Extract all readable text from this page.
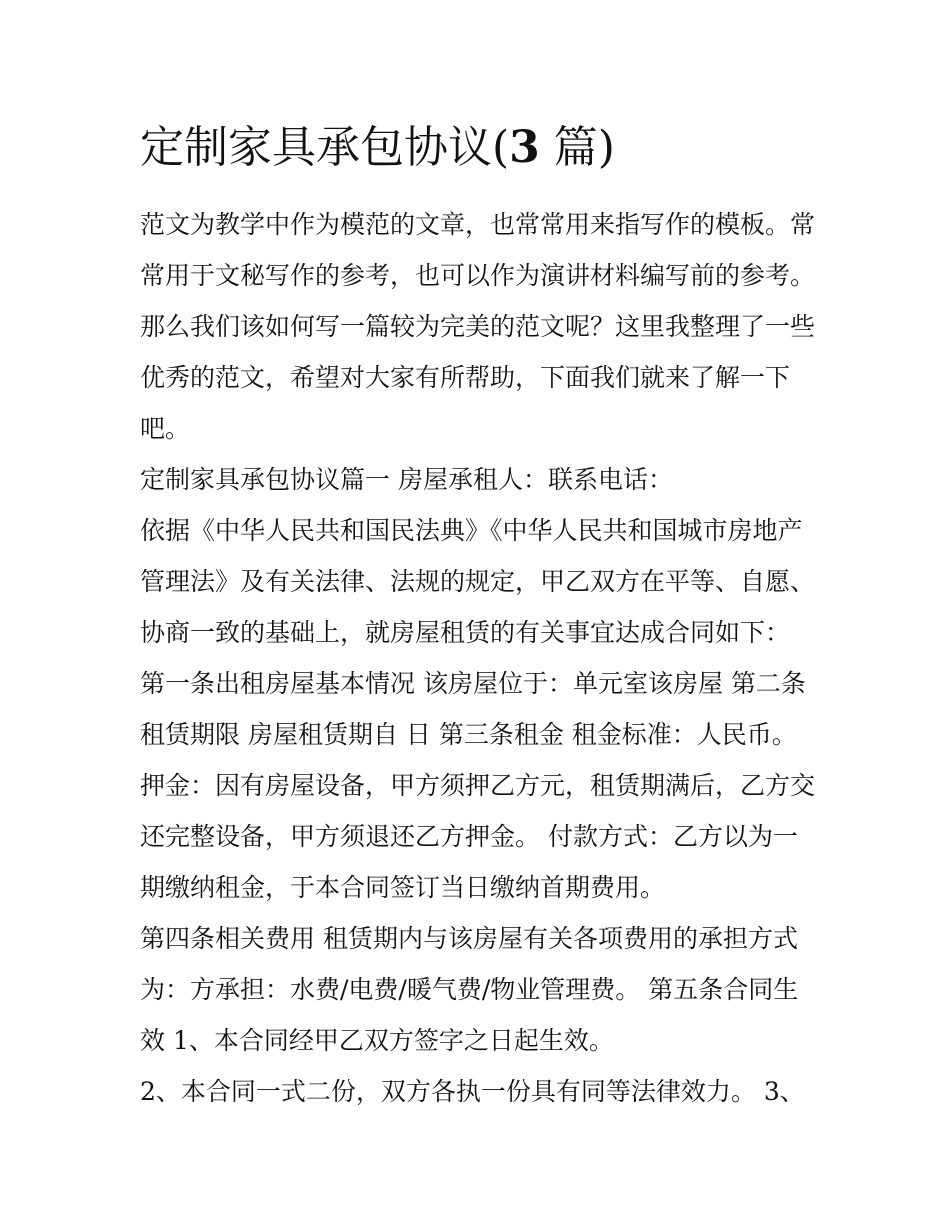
定制家具承包协议(3 篇)
范文为教学中作为模范的文章，也常常用来指写作的模板。常
常用于文秘写作的参考，也可以作为演讲材料编写前的参考。
那么我们该如何写一篇较为完美的范文呢？这里我整理了一些
优秀的范文，希望对大家有所帮助，下面我们就来了解一下
吧。
定制家具承包协议篇一 房屋承租人：联系电话：
依据《中华人民共和国民法典》《中华人民共和国城市房地产
管理法》及有关法律、法规的规定，甲乙双方在平等、自愿、
协商一致的基础上，就房屋租赁的有关事宜达成合同如下：
第一条出租房屋基本情况 该房屋位于：单元室该房屋 第二条
租赁期限 房屋租赁期自 日 第三条租金 租金标准：人民币。
押金：因有房屋设备，甲方须押乙方元，租赁期满后，乙方交
还完整设备，甲方须退还乙方押金。 付款方式：乙方以为一
期缴纳租金，于本合同签订当日缴纳首期费用。
第四条相关费用 租赁期内与该房屋有关各项费用的承担方式
为：方承担：水费/电费/暖气费/物业管理费。 第五条合同生
效 1、本合同经甲乙双方签字之日起生效。
2、本合同一式二份，双方各执一份具有同等法律效力。 3、
